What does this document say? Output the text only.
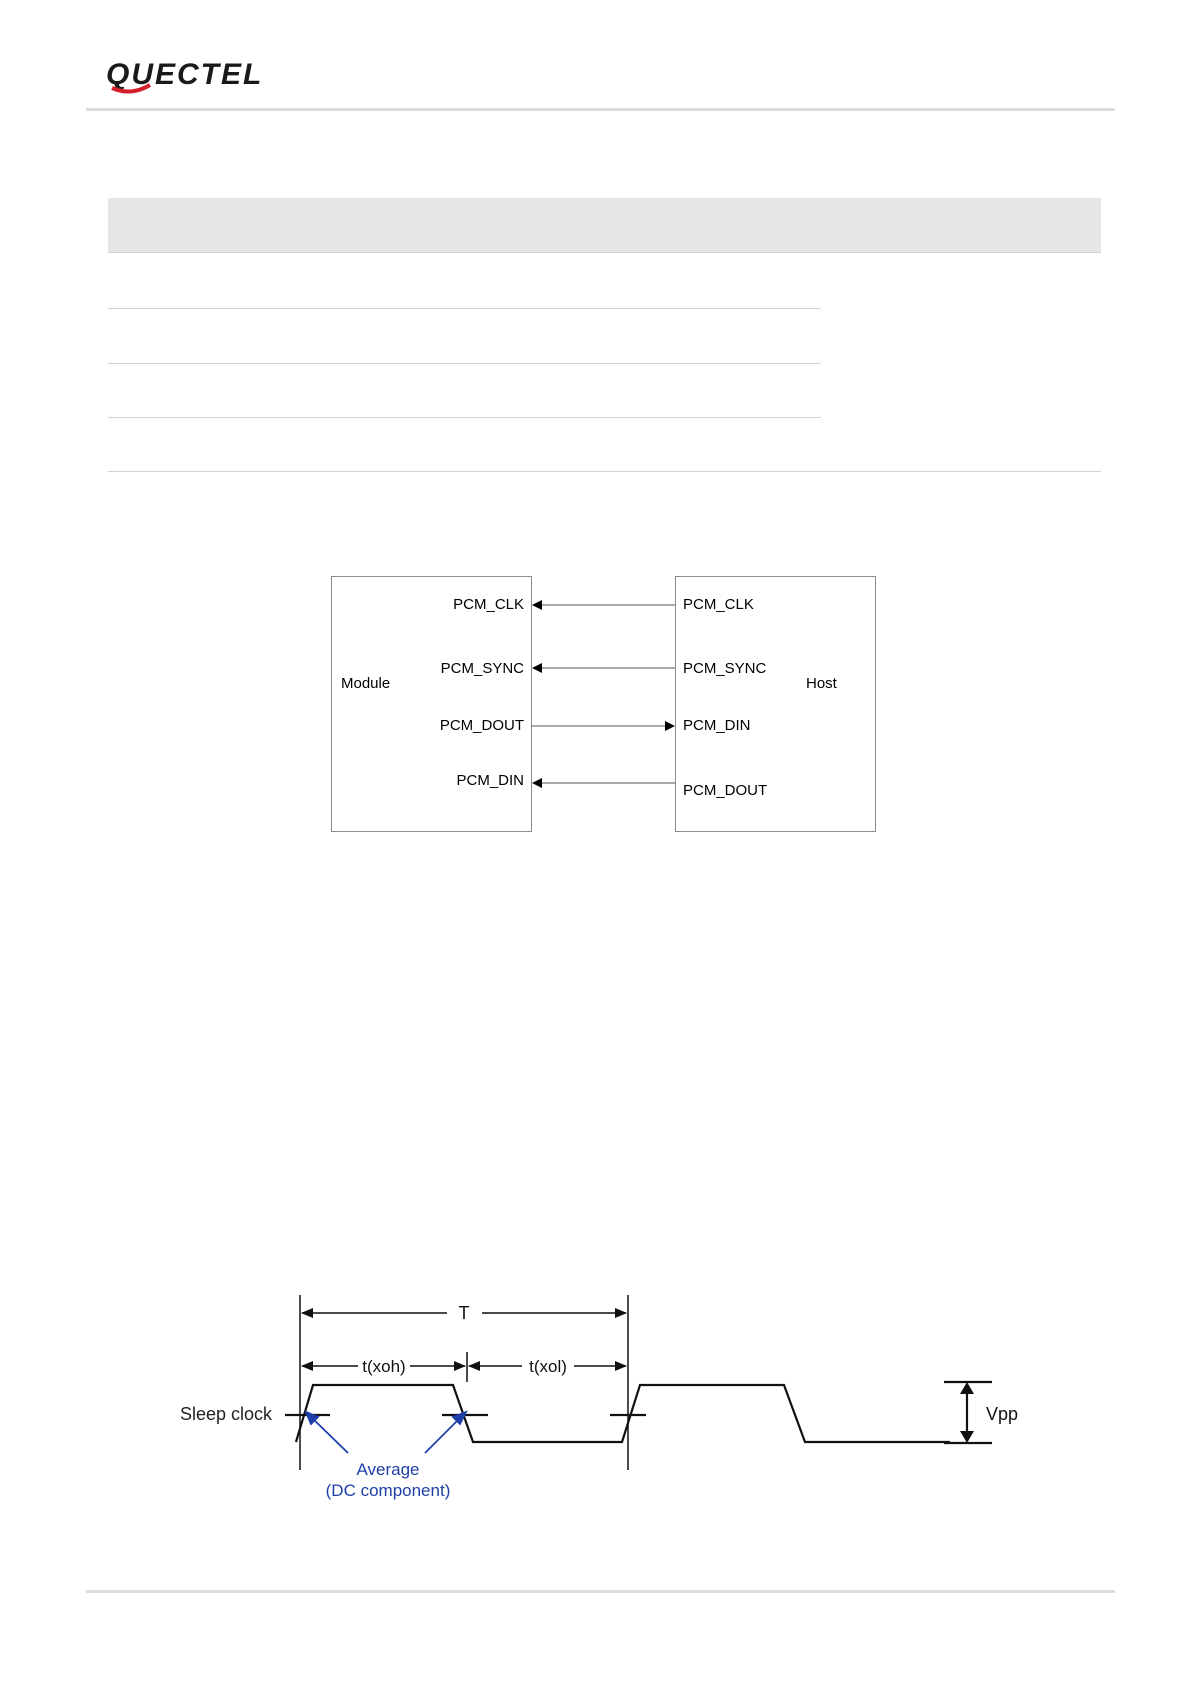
QUECTEL
Module	Host
PCM_CLK
PCM_SYNC
PCM_DOUT
PCM_DIN
PCM_CLK
PCM_SYNC
PCM_DIN
PCM_DOUT
T
t(xoh)	t(xol)
Sleep clock	Vpp
Average
(DC component)
